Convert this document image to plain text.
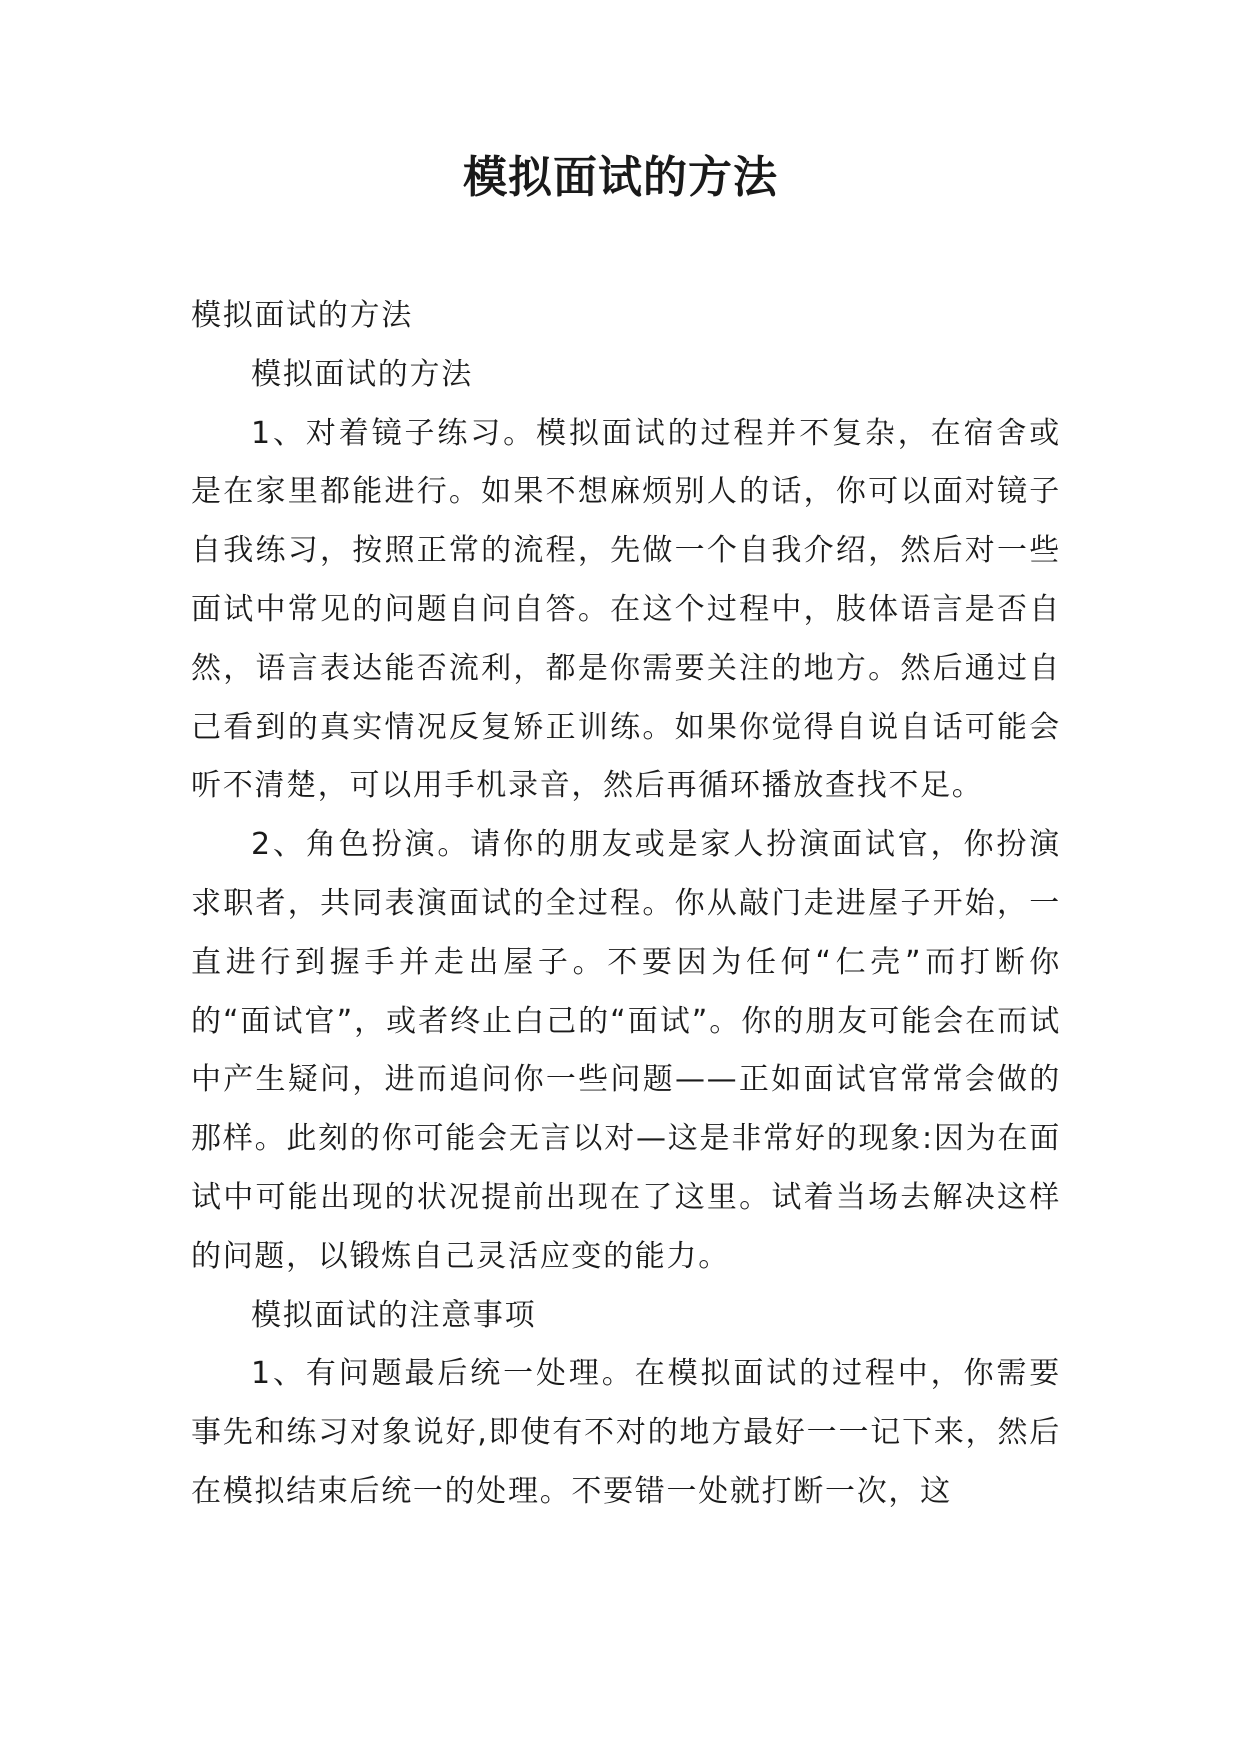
模拟面试的方法

模拟面试的方法

模拟面试的方法

1、对着镜子练习。模拟面试的过程并不复杂，在宿舍或是在家里都能进行。如果不想麻烦别人的话，你可以面对镜子自我练习，按照正常的流程，先做一个自我介绍，然后对一些面试中常见的问题自问自答。在这个过程中，肢体语言是否自然，语言表达能否流利，都是你需要关注的地方。然后通过自己看到的真实情况反复矫正训练。如果你觉得自说自话可能会听不清楚，可以用手机录音，然后再循环播放查找不足。

2、角色扮演。请你的朋友或是家人扮演面试官，你扮演求职者，共同表演面试的全过程。你从敲门走进屋子开始，一直进行到握手并走出屋子。不要因为任何“仁壳”而打断你的“面试官”，或者终止白己的“面试”。你的朋友可能会在而试中产生疑问，进而追问你一些问题——正如面试官常常会做的那样。此刻的你可能会无言以对—这是非常好的现象:因为在面试中可能出现的状况提前出现在了这里。试着当场去解决这样的问题，以锻炼自己灵活应变的能力。

模拟面试的注意事项

1、有问题最后统一处理。在模拟面试的过程中，你需要事先和练习对象说好,即使有不对的地方最好一一记下来，然后在模拟结束后统一的处理。不要错一处就打断一次，这
